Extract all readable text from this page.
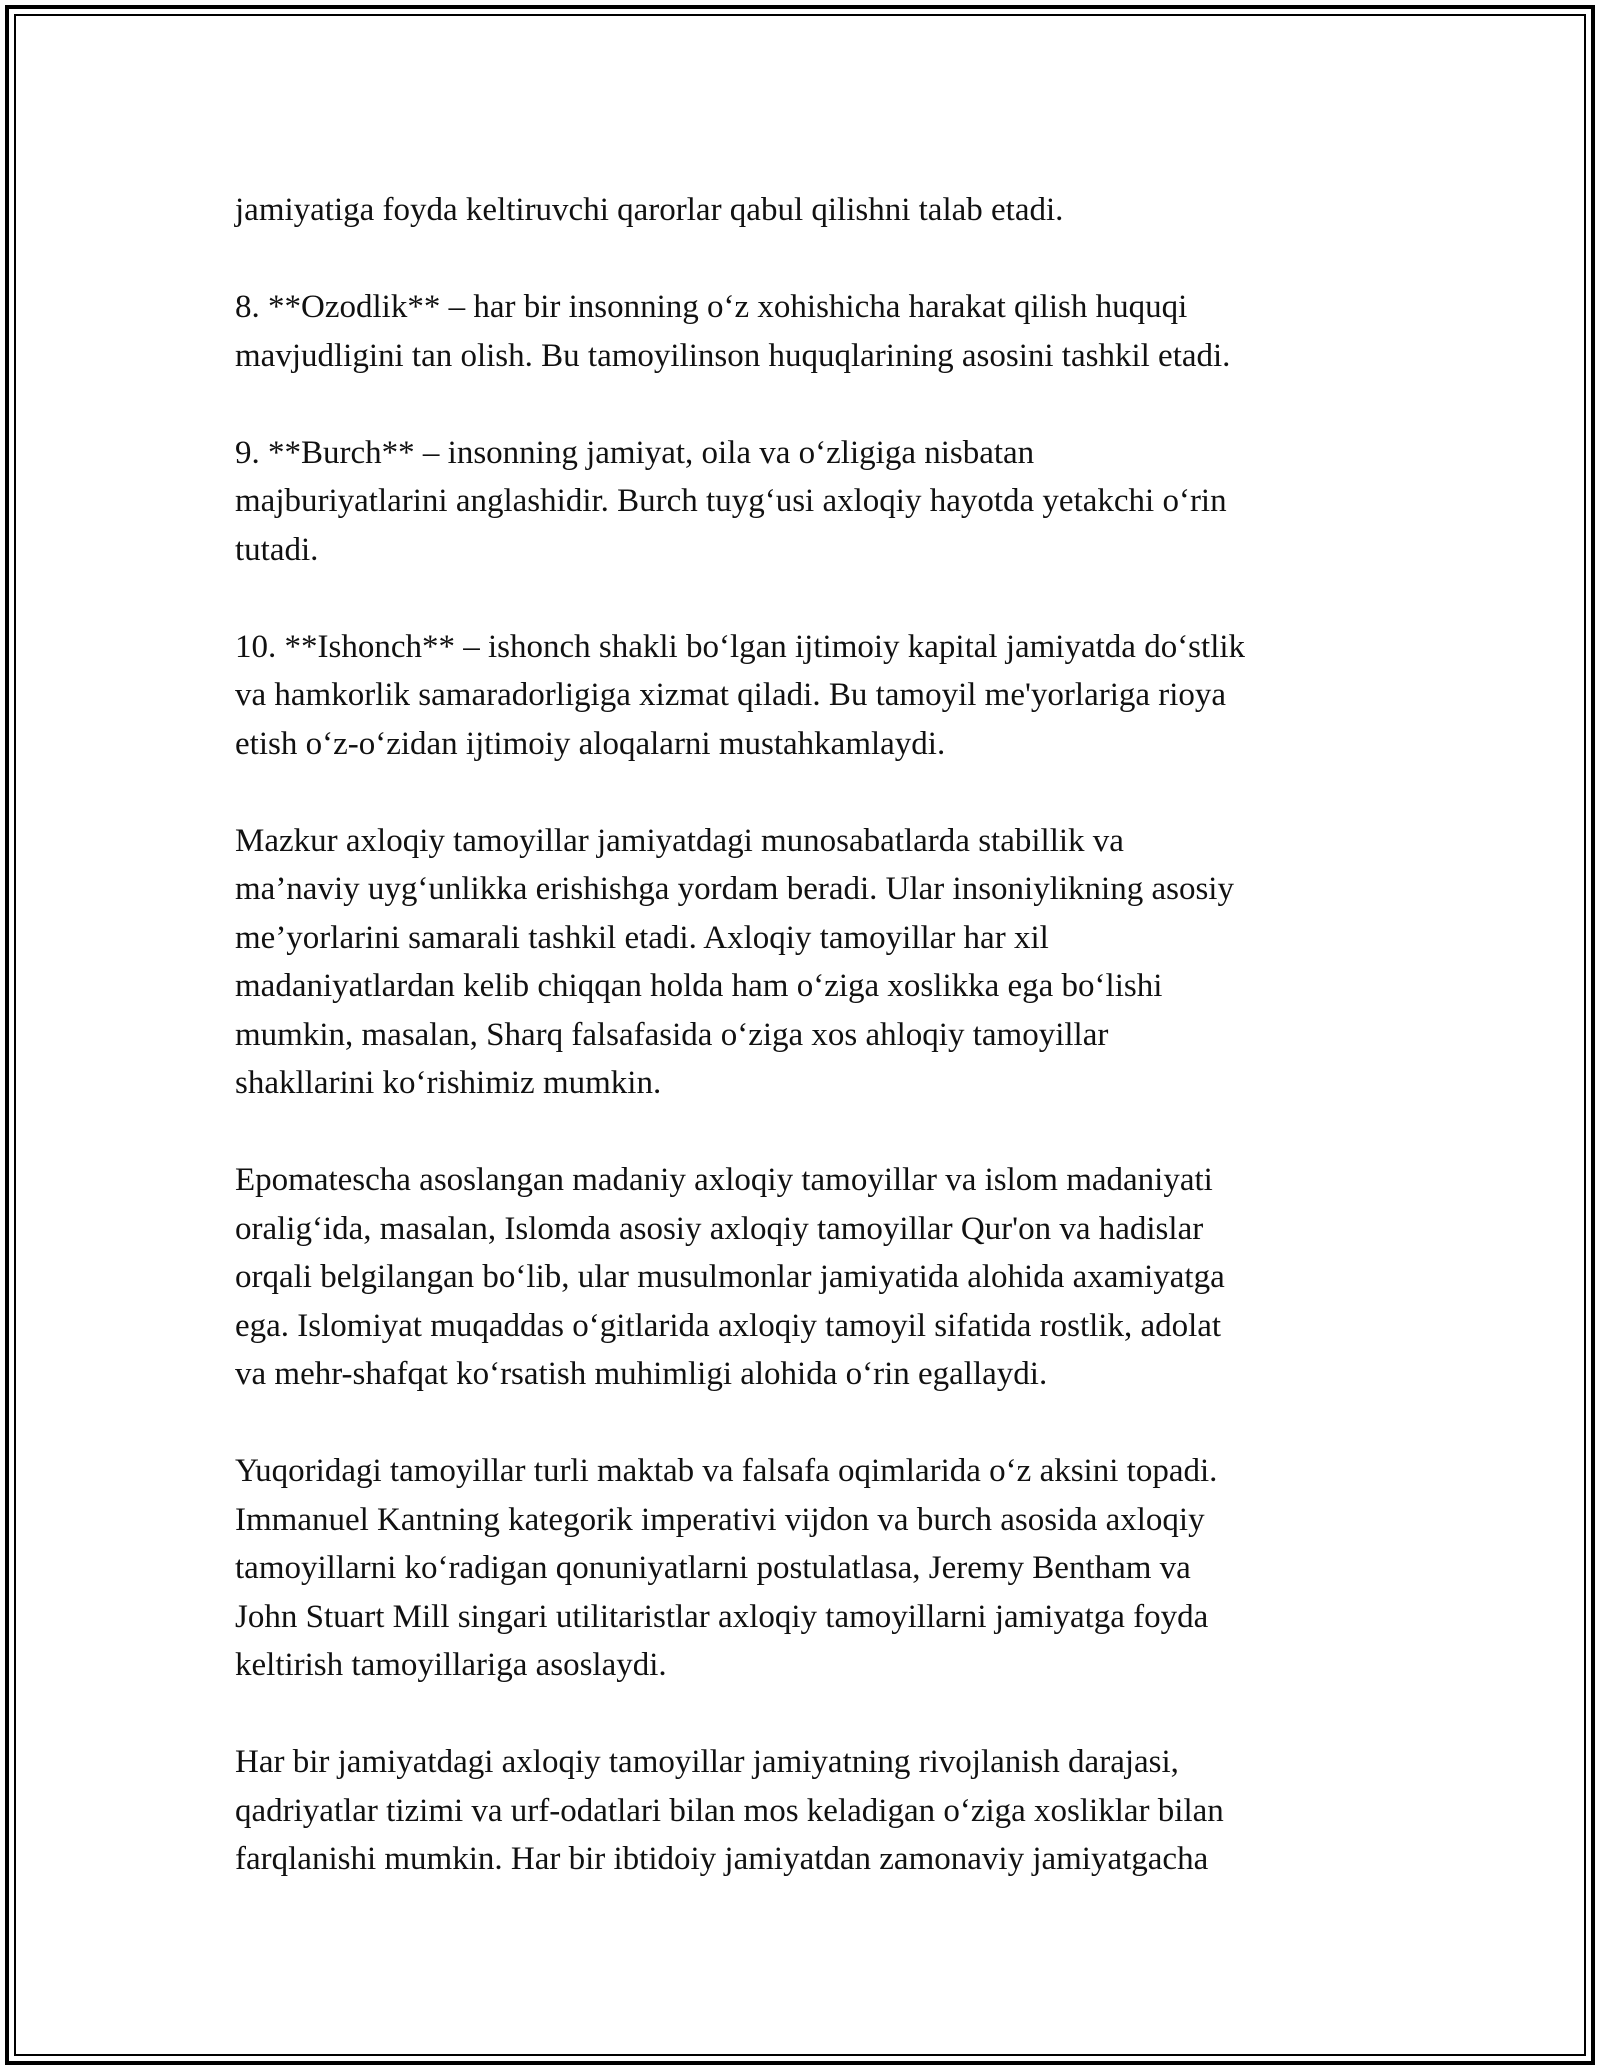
jamiyatiga foyda keltiruvchi qarorlar qabul qilishni talab etadi.

8. **Ozodlik** – har bir insonning o‘z xohishicha harakat qilish huquqi

mavjudligini tan olish. Bu tamoyilinson huquqlarining asosini tashkil etadi.

9. **Burch** – insonning jamiyat, oila va o‘zligiga nisbatan

majburiyatlarini anglashidir. Burch tuyg‘usi axloqiy hayotda yetakchi o‘rin

tutadi.

10. **Ishonch** – ishonch shakli bo‘lgan ijtimoiy kapital jamiyatda do‘stlik

va hamkorlik samaradorligiga xizmat qiladi. Bu tamoyil me'yorlariga rioya

etish o‘z-o‘zidan ijtimoiy aloqalarni mustahkamlaydi.

Mazkur axloqiy tamoyillar jamiyatdagi munosabatlarda stabillik va

ma’naviy uyg‘unlikka erishishga yordam beradi. Ular insoniylikning asosiy

me’yorlarini samarali tashkil etadi. Axloqiy tamoyillar har xil

madaniyatlardan kelib chiqqan holda ham o‘ziga xoslikka ega bo‘lishi

mumkin, masalan, Sharq falsafasida o‘ziga xos ahloqiy tamoyillar

shakllarini ko‘rishimiz mumkin.

Epomatescha asoslangan madaniy axloqiy tamoyillar va islom madaniyati

oralig‘ida, masalan, Islomda asosiy axloqiy tamoyillar Qur'on va hadislar

orqali belgilangan bo‘lib, ular musulmonlar jamiyatida alohida axamiyatga

ega. Islomiyat muqaddas o‘gitlarida axloqiy tamoyil sifatida rostlik, adolat

va mehr-shafqat ko‘rsatish muhimligi alohida o‘rin egallaydi.

Yuqoridagi tamoyillar turli maktab va falsafa oqimlarida o‘z aksini topadi.

Immanuel Kantning kategorik imperativi vijdon va burch asosida axloqiy

tamoyillarni ko‘radigan qonuniyatlarni postulatlasa, Jeremy Bentham va

John Stuart Mill singari utilitaristlar axloqiy tamoyillarni jamiyatga foyda

keltirish tamoyillariga asoslaydi.

Har bir jamiyatdagi axloqiy tamoyillar jamiyatning rivojlanish darajasi,

qadriyatlar tizimi va urf-odatlari bilan mos keladigan o‘ziga xosliklar bilan

farqlanishi mumkin. Har bir ibtidoiy jamiyatdan zamonaviy jamiyatgacha
